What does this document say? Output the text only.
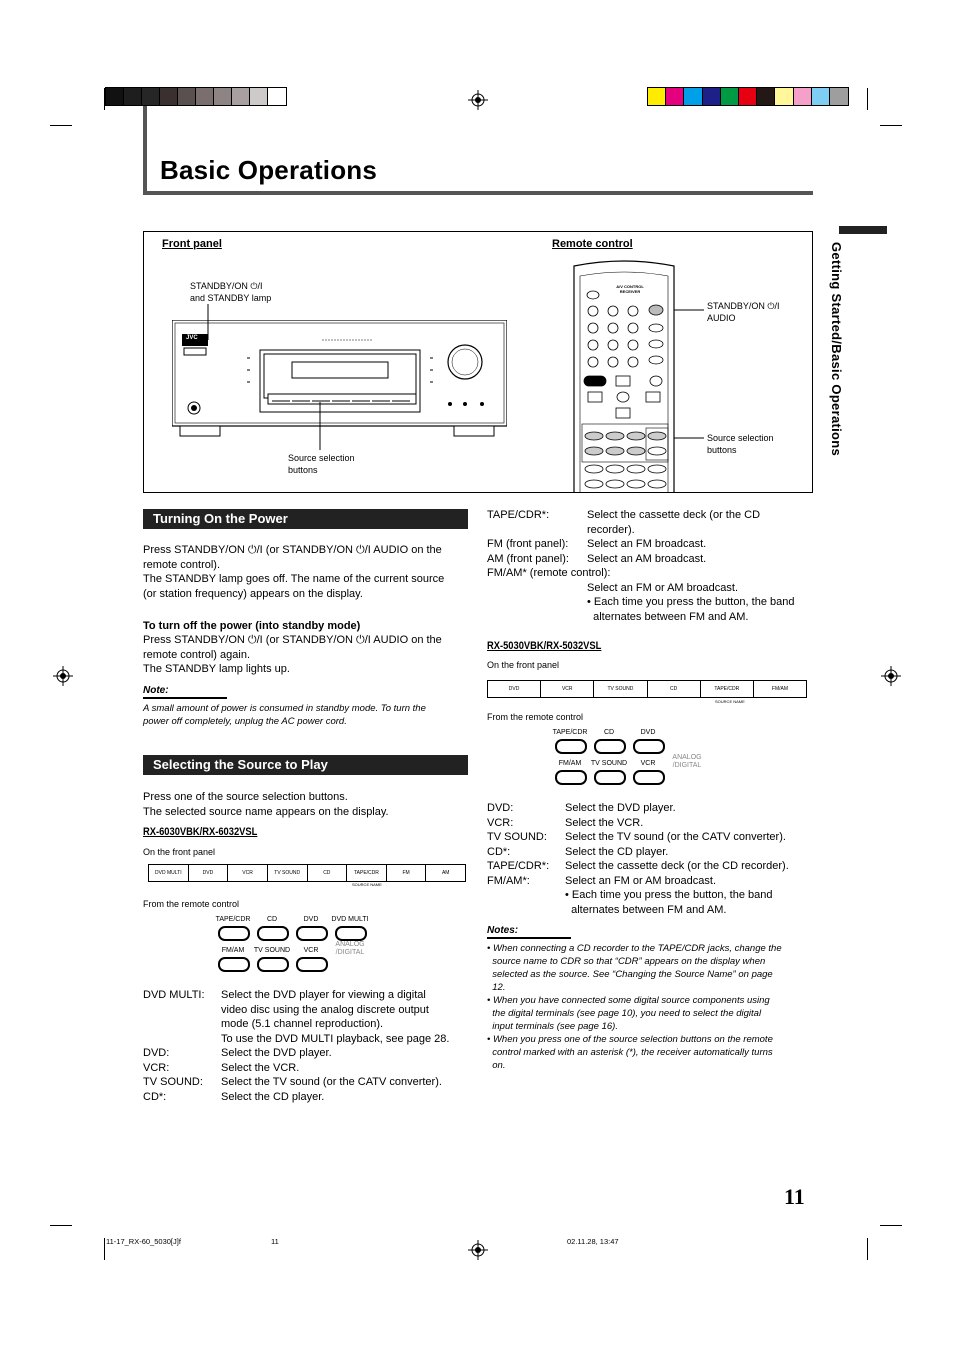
Basic Operations
Getting Started/Basic Operations
Front panel	Remote control
STANDBY/ON ⏻/I
and STANDBY lamp
Source selection
buttons
STANDBY/ON ⏻/I
AUDIO
Source selection
buttons
JVC
A/V CONTROL RECEIVER
Turning On the Power
Press STANDBY/ON ⏻/I (or STANDBY/ON ⏻/I AUDIO on the
remote control).
The STANDBY lamp goes off. The name of the current source
(or station frequency) appears on the display.
To turn off the power (into standby mode)
Press STANDBY/ON ⏻/I (or STANDBY/ON ⏻/I AUDIO on the
remote control) again.
The STANDBY lamp lights up.
Note:
A small amount of power is consumed in standby mode. To turn the
power off completely, unplug the AC power cord.
Selecting the Source to Play
Press one of the source selection buttons.
The selected source name appears on the display.
RX-6030VBK/RX-6032VSL
On the front panel
DVD MULTI	DVD	VCR	TV SOUND	CD	TAPE/CDR	FM	AM
SOURCE NAME
From the remote control
TAPE/CDR	CD	DVD	DVD MULTI
FM/AM	TV SOUND	VCR
ANALOG
/DIGITAL
DVD MULTI: Select the DVD player for viewing a digital
video disc using the analog discrete output
mode (5.1 channel reproduction).
To use the DVD MULTI playback, see page 28.
DVD:	Select the DVD player.
VCR:	Select the VCR.
TV SOUND: Select the TV sound (or the CATV converter).
CD*:	Select the CD player.
TAPE/CDR*:	Select the cassette deck (or the CD
recorder).
FM (front panel): Select an FM broadcast.
AM (front panel): Select an AM broadcast.
FM/AM* (remote control):
Select an FM or AM broadcast.
• Each time you press the button, the band
alternates between FM and AM.
RX-5030VBK/RX-5032VSL
On the front panel
DVD	VCR	TV SOUND	CD	TAPE/CDR	FM/AM
SOURCE NAME
From the remote control
TAPE/CDR	CD	DVD
FM/AM	TV SOUND	VCR
ANALOG
/DIGITAL
DVD:	Select the DVD player.
VCR:	Select the VCR.
TV SOUND: Select the TV sound (or the CATV converter).
CD*:	Select the CD player.
TAPE/CDR*: Select the cassette deck (or the CD recorder).
FM/AM*:	Select an FM or AM broadcast.
• Each time you press the button, the band
alternates between FM and AM.
Notes:
• When connecting a CD recorder to the TAPE/CDR jacks, change the
source name to CDR so that “CDR” appears on the display when
selected as the source. See “Changing the Source Name” on page
12.
• When you have connected some digital source components using
the digital terminals (see page 10), you need to select the digital
input terminals (see page 16).
• When you press one of the source selection buttons on the remote
control marked with an asterisk (*), the receiver automatically turns
on.
11
11-17_RX-60_5030[J]f	11	02.11.28, 13:47
